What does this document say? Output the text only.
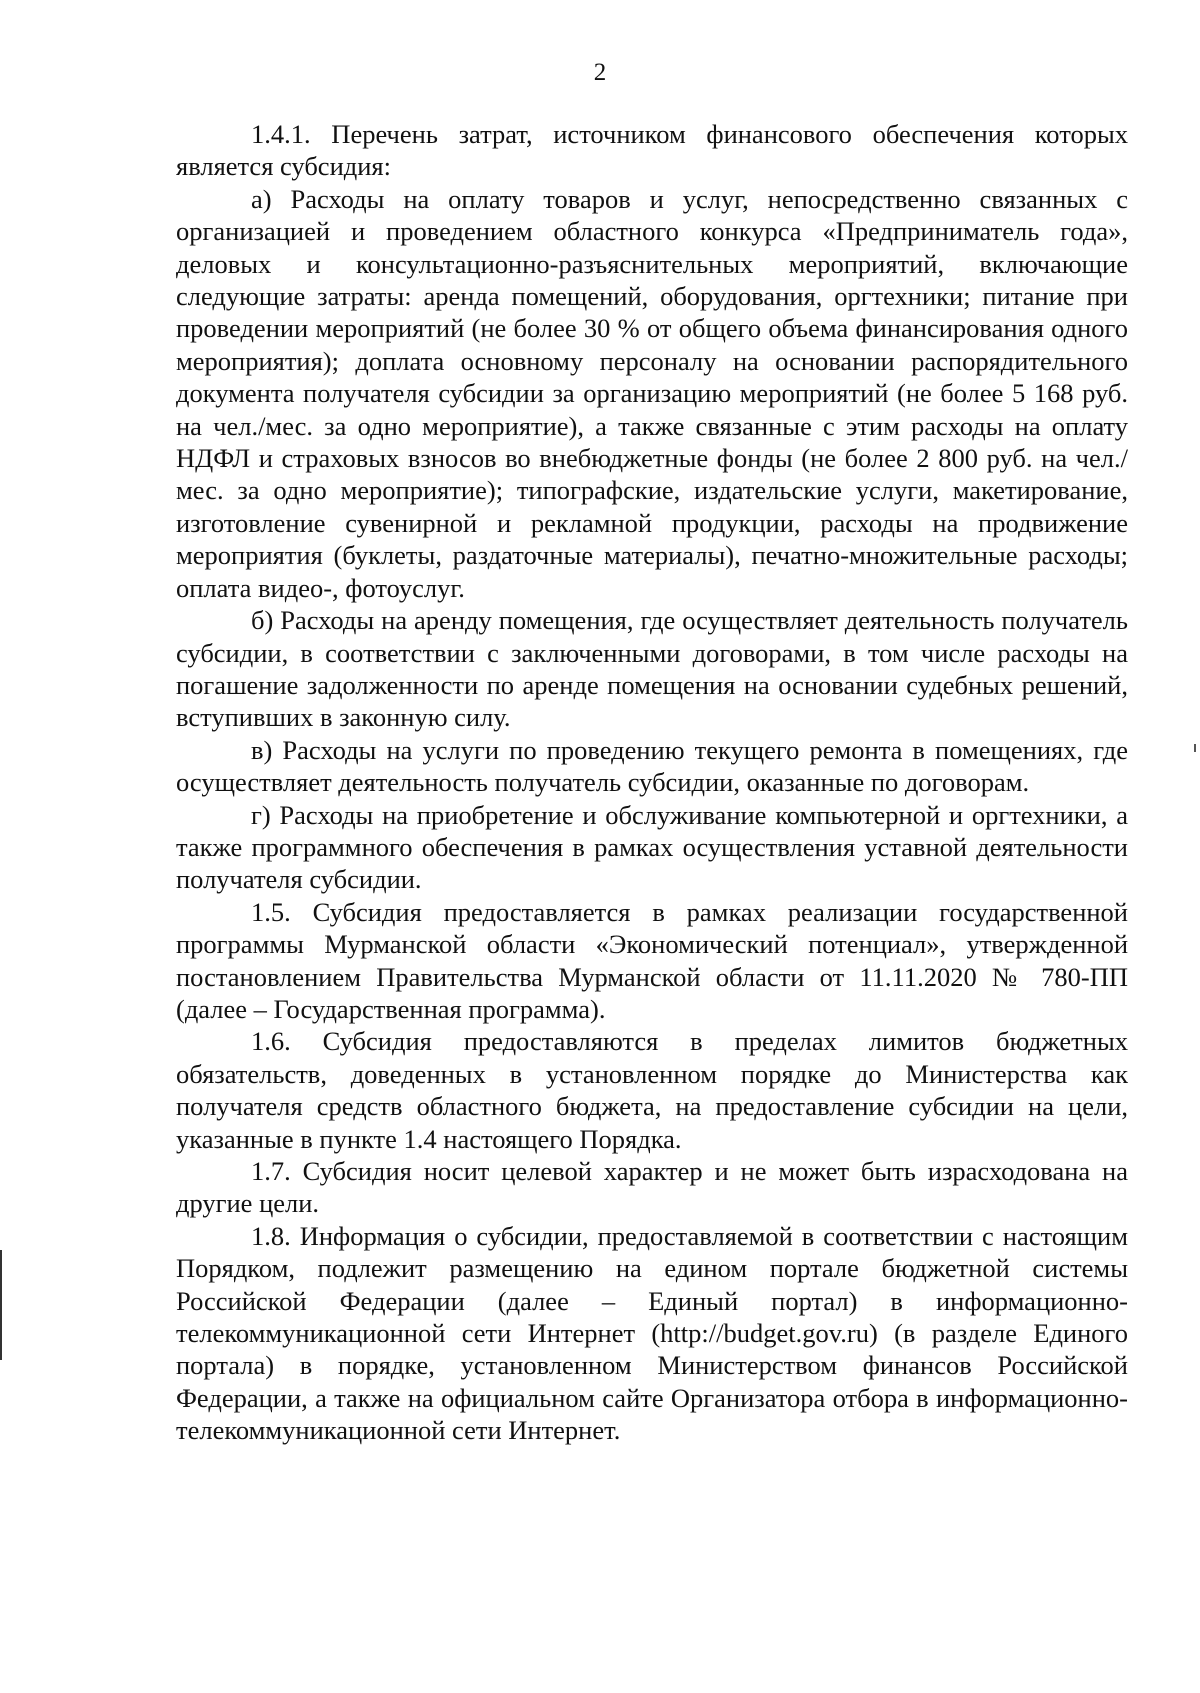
2

1.4.1. Перечень затрат, источником финансового обеспечения которых является субсидия:

а) Расходы на оплату товаров и услуг, непосредственно связанных с организацией и проведением областного конкурса «Предприниматель года», деловых и консультационно-разъяснительных мероприятий, включающие следующие затраты: аренда помещений, оборудования, оргтехники; питание при проведении мероприятий (не более 30 % от общего объема финансирования одного мероприятия); доплата основному персоналу на основании распорядительного документа получателя субсидии за организацию мероприятий (не более 5 168 руб. на чел./мес. за одно мероприятие), а также связанные с этим расходы на оплату НДФЛ и страховых взносов во внебюджетные фонды (не более 2 800 руб. на чел./мес. за одно мероприятие); типографские, издательские услуги, макетирование, изготовление сувенирной и рекламной продукции, расходы на продвижение мероприятия (буклеты, раздаточные материалы), печатно-множительные расходы; оплата видео-, фотоуслуг.

б) Расходы на аренду помещения, где осуществляет деятельность получатель субсидии, в соответствии с заключенными договорами, в том числе расходы на погашение задолженности по аренде помещения на основании судебных решений, вступивших в законную силу.

в) Расходы на услуги по проведению текущего ремонта в помещениях, где осуществляет деятельность получатель субсидии, оказанные по договорам.

г) Расходы на приобретение и обслуживание компьютерной и оргтехники, а также программного обеспечения в рамках осуществления уставной деятельности получателя субсидии.

1.5. Субсидия предоставляется в рамках реализации государственной программы Мурманской области «Экономический потенциал», утвержденной постановлением Правительства Мурманской области от 11.11.2020 № 780-ПП (далее – Государственная программа).

1.6. Субсидия предоставляются в пределах лимитов бюджетных обязательств, доведенных в установленном порядке до Министерства как получателя средств областного бюджета, на предоставление субсидии на цели, указанные в пункте 1.4 настоящего Порядка.

1.7. Субсидия носит целевой характер и не может быть израсходована на другие цели.

1.8. Информация о субсидии, предоставляемой в соответствии с настоящим Порядком, подлежит размещению на едином портале бюджетной системы Российской Федерации (далее – Единый портал) в информационно-телекоммуникационной сети Интернет (http://budget.gov.ru) (в разделе Единого портала) в порядке, установленном Министерством финансов Российской Федерации, а также на официальном сайте Организатора отбора в информационно-телекоммуникационной сети Интернет.
